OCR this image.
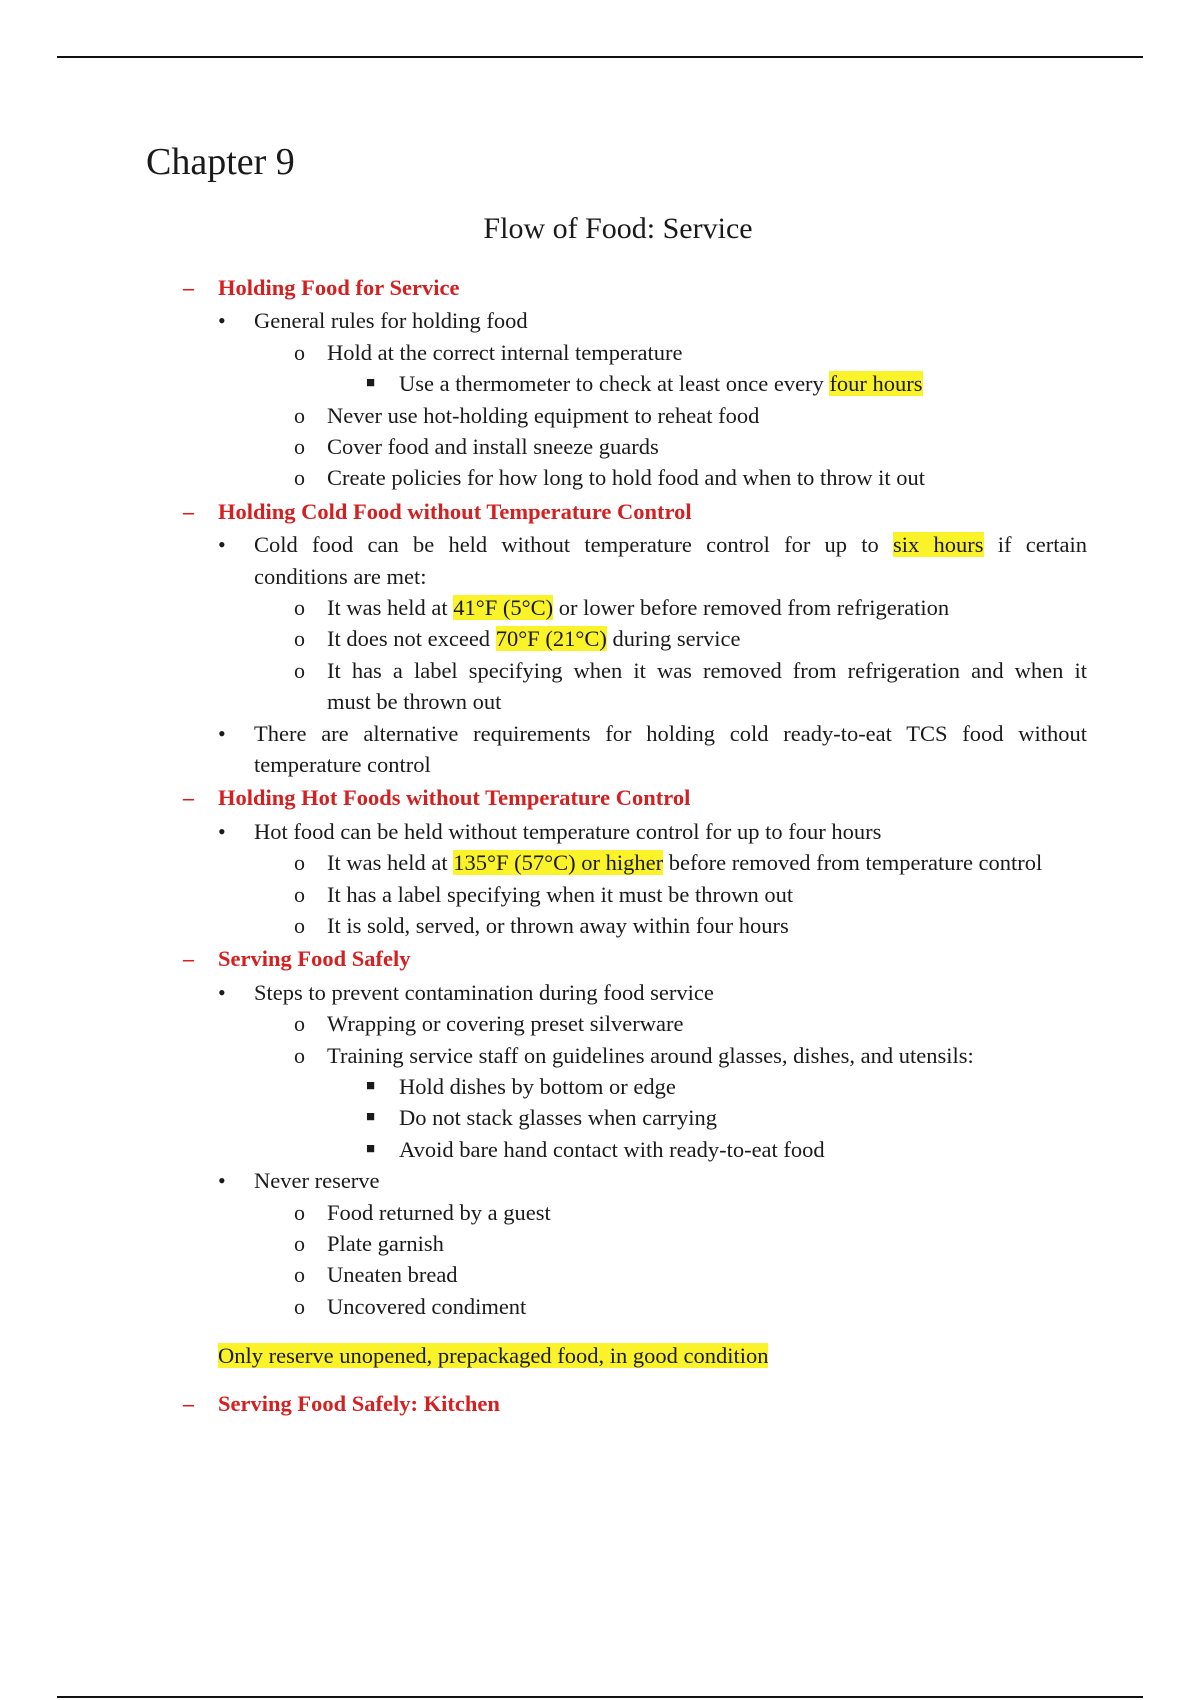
Chapter 9
Flow of Food: Service
– Holding Food for Service
• General rules for holding food
o Hold at the correct internal temperature
■ Use a thermometer to check at least once every four hours
o Never use hot-holding equipment to reheat food
o Cover food and install sneeze guards
o Create policies for how long to hold food and when to throw it out
– Holding Cold Food without Temperature Control
• Cold food can be held without temperature control for up to six hours if certain
conditions are met:
o It was held at 41°F (5°C) or lower before removed from refrigeration
o It does not exceed 70°F (21°C) during service
o It has a label specifying when it was removed from refrigeration and when it
must be thrown out
• There are alternative requirements for holding cold ready-to-eat TCS food without
temperature control
– Holding Hot Foods without Temperature Control
• Hot food can be held without temperature control for up to four hours
o It was held at 135°F (57°C) or higher before removed from temperature control
o It has a label specifying when it must be thrown out
o It is sold, served, or thrown away within four hours
– Serving Food Safely
• Steps to prevent contamination during food service
o Wrapping or covering preset silverware
o Training service staff on guidelines around glasses, dishes, and utensils:
■ Hold dishes by bottom or edge
■ Do not stack glasses when carrying
■ Avoid bare hand contact with ready-to-eat food
• Never reserve
o Food returned by a guest
o Plate garnish
o Uneaten bread
o Uncovered condiment
Only reserve unopened, prepackaged food, in good condition
– Serving Food Safely: Kitchen
